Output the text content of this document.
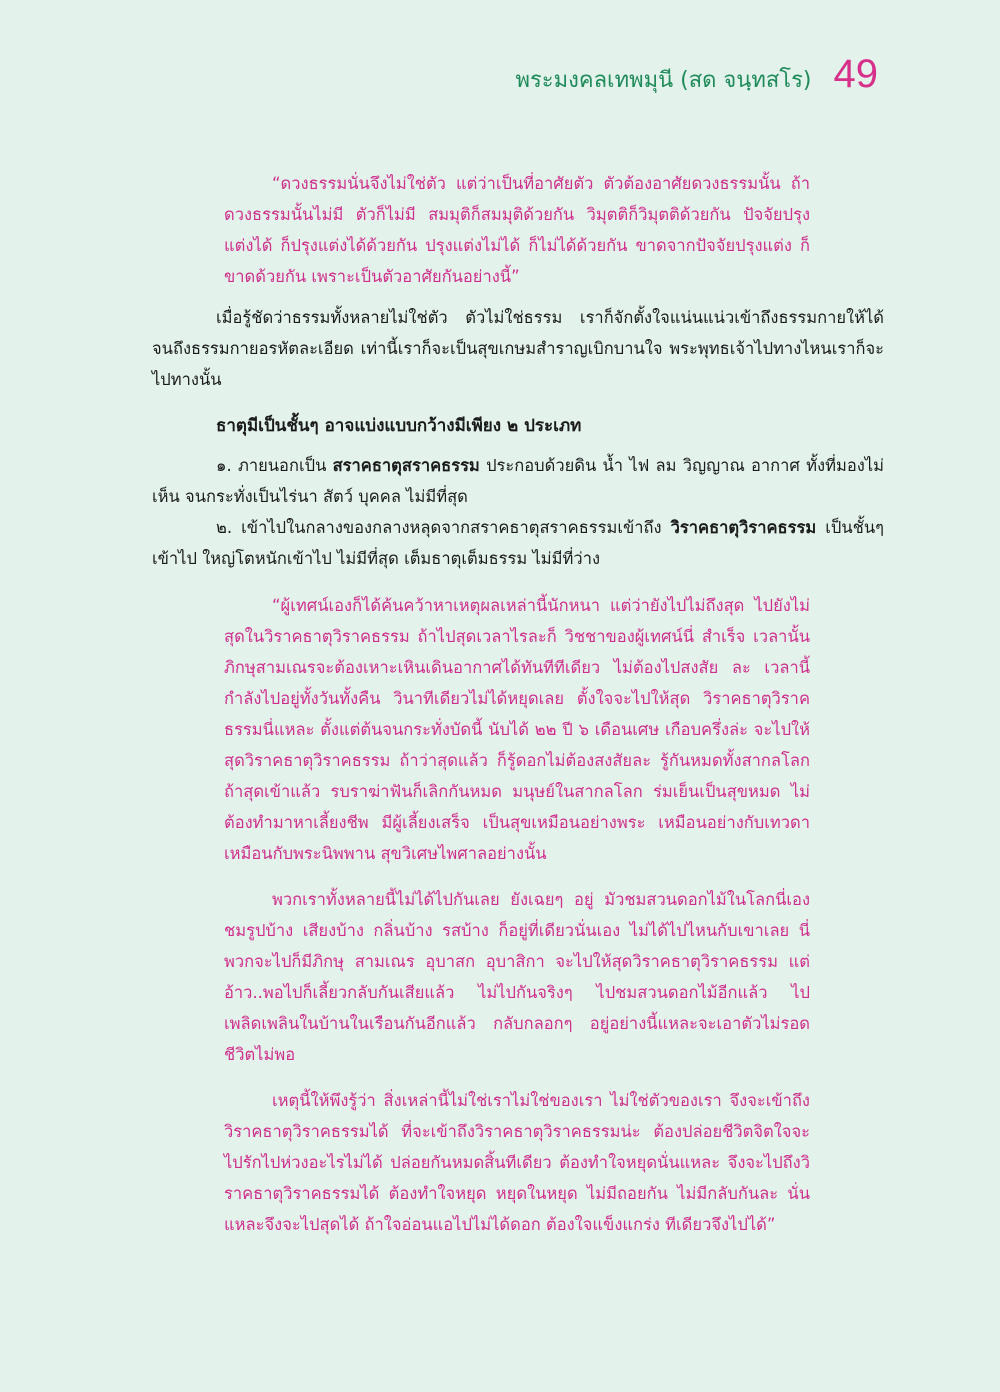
พระมงคลเทพมุนี (สด จนฺทสโร) 49

“ดวงธรรมนั่นจึงไม่ใช่ตัว แต่ว่าเป็นที่อาศัยตัว ตัวต้องอาศัยดวงธรรมนั้น ถ้าดวงธรรมนั้นไม่มี ตัวก็ไม่มี สมมุติก็สมมุติด้วยกัน วิมุตติก็วิมุตติด้วยกัน ปัจจัยปรุงแต่งได้ ก็ปรุงแต่งได้ด้วยกัน ปรุงแต่งไม่ได้ ก็ไม่ได้ด้วยกัน ขาดจากปัจจัยปรุงแต่ง ก็ขาดด้วยกัน เพราะเป็นตัวอาศัยกันอย่างนี้”

เมื่อรู้ชัดว่าธรรมทั้งหลายไม่ใช่ตัว ตัวไม่ใช่ธรรม เราก็จักตั้งใจแน่นแน่วเข้าถึงธรรมกายให้ได้จนถึงธรรมกายอรหัตละเอียด เท่านี้เราก็จะเป็นสุขเกษมสำราญเบิกบานใจ พระพุทธเจ้าไปทางไหนเราก็จะไปทางนั้น

ธาตุมีเป็นชั้นๆ อาจแบ่งแบบกว้างมีเพียง ๒ ประเภท

๑. ภายนอกเป็น สราคธาตุสราคธรรม ประกอบด้วยดิน น้ำ ไฟ ลม วิญญาณ อากาศ ทั้งที่มองไม่เห็น จนกระทั่งเป็นไร่นา สัตว์ บุคคล ไม่มีที่สุด

๒. เข้าไปในกลางของกลางหลุดจากสราคธาตุสราคธรรมเข้าถึง วิราคธาตุวิราคธรรม เป็นชั้นๆ เข้าไป ใหญ่โตหนักเข้าไป ไม่มีที่สุด เต็มธาตุเต็มธรรม ไม่มีที่ว่าง

“ผู้เทศน์เองก็ได้ค้นคว้าหาเหตุผลเหล่านี้นักหนา แต่ว่ายังไปไม่ถึงสุด ไปยังไม่สุดในวิราคธาตุวิราคธรรม ถ้าไปสุดเวลาไรละก็ วิชชาของผู้เทศน์นี่ สำเร็จ เวลานั้น ภิกษุสามเณรจะต้องเหาะเหินเดินอากาศได้ทันทีทีเดียว ไม่ต้องไปสงสัย ละ เวลานี้กำลังไปอยู่ทั้งวันทั้งคืน วินาทีเดียวไม่ได้หยุดเลย ตั้งใจจะไปให้สุด วิราคธาตุวิราคธรรมนี่แหละ ตั้งแต่ต้นจนกระทั่งบัดนี้ นับได้ ๒๒ ปี ๖ เดือนเศษ เกือบครึ่งล่ะ จะไปให้สุดวิราคธาตุวิราคธรรม ถ้าว่าสุดแล้ว ก็รู้ดอกไม่ต้องสงสัยละ รู้กันหมดทั้งสากลโลก ถ้าสุดเข้าแล้ว รบราฆ่าฟันก็เลิกกันหมด มนุษย์ในสากลโลก ร่มเย็นเป็นสุขหมด ไม่ต้องทำมาหาเลี้ยงชีพ มีผู้เลี้ยงเสร็จ เป็นสุขเหมือนอย่างพระ เหมือนอย่างกับเทวดา เหมือนกับพระนิพพาน สุขวิเศษไพศาลอย่างนั้น

พวกเราทั้งหลายนี้ไม่ได้ไปกันเลย ยังเฉยๆ อยู่ มัวชมสวนดอกไม้ในโลกนี่เอง ชมรูปบ้าง เสียงบ้าง กลิ่นบ้าง รสบ้าง ก็อยู่ที่เดียวนั่นเอง ไม่ได้ไปไหนกับเขาเลย นี่พวกจะไปก็มีภิกษุ สามเณร อุบาสก อุบาสิกา จะไปให้สุดวิราคธาตุวิราคธรรม แต่อ้าว..พอไปก็เลี้ยวกลับกันเสียแล้ว ไม่ไปกันจริงๆ ไปชมสวนดอกไม้อีกแล้ว ไป เพลิดเพลินในบ้านในเรือนกันอีกแล้ว กลับกลอกๆ อยู่อย่างนี้แหละจะเอาตัวไม่รอด ชีวิตไม่พอ

เหตุนี้ให้พึงรู้ว่า สิ่งเหล่านี้ไม่ใช่เราไม่ใช่ของเรา ไม่ใช่ตัวของเรา จึงจะเข้าถึงวิราคธาตุวิราคธรรมได้ ที่จะเข้าถึงวิราคธาตุวิราคธรรมน่ะ ต้องปล่อยชีวิตจิตใจจะไปรักไปห่วงอะไรไม่ได้ ปล่อยกันหมดสิ้นทีเดียว ต้องทำใจหยุดนั่นแหละ จึงจะไปถึงวิราคธาตุวิราคธรรมได้ ต้องทำใจหยุด หยุดในหยุด ไม่มีถอยกัน ไม่มีกลับกันละ นั่นแหละจึงจะไปสุดได้ ถ้าใจอ่อนแอไปไม่ได้ดอก ต้องใจแข็งแกร่ง ทีเดียวจึงไปได้”
